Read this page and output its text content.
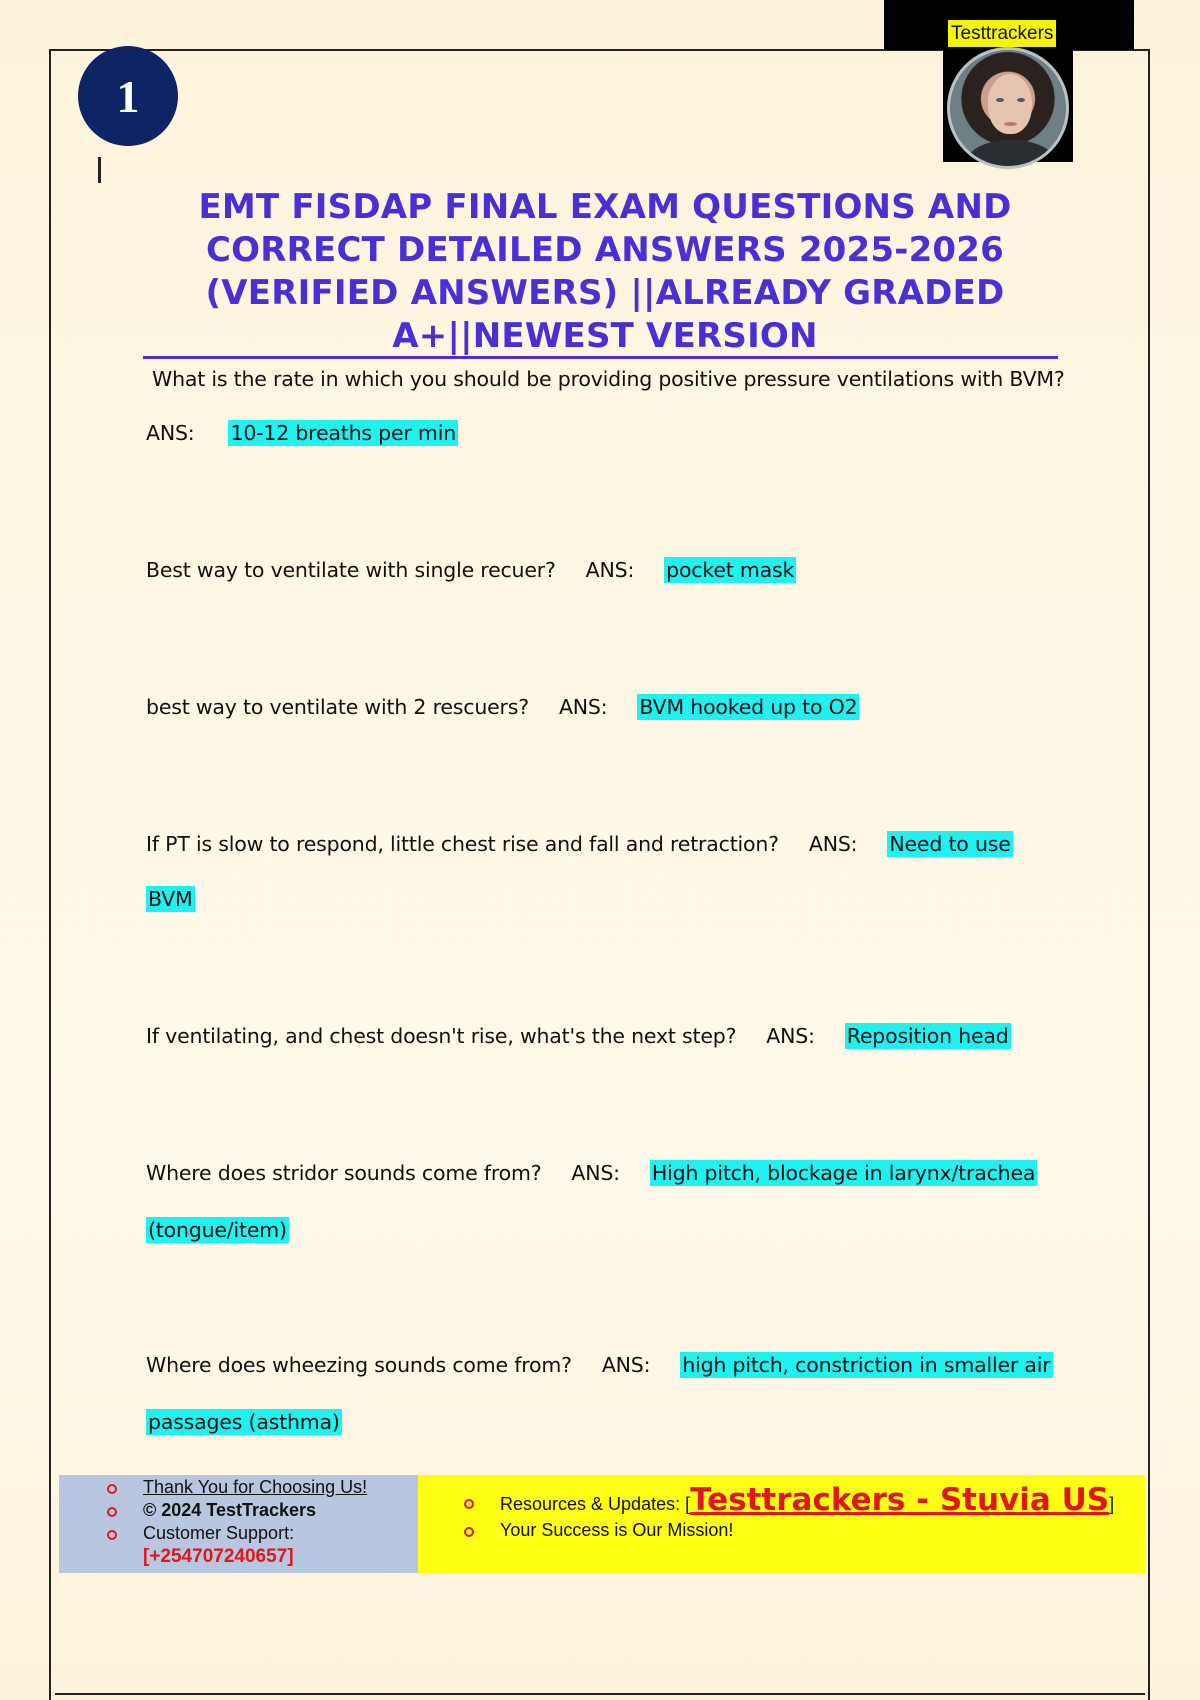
Testtrackers
1
EMT FISDAP FINAL EXAM QUESTIONS AND
CORRECT DETAILED ANSWERS 2025-2026
(VERIFIED ANSWERS) ||ALREADY GRADED
A+||NEWEST VERSION
What is the rate in which you should be providing positive pressure ventilations with BVM?
ANS: 10-12 breaths per min
Best way to ventilate with single recuer? ANS: pocket mask
best way to ventilate with 2 rescuers? ANS: BVM hooked up to O2
If PT is slow to respond, little chest rise and fall and retraction? ANS: Need to use
BVM
If ventilating, and chest doesn't rise, what's the next step? ANS: Reposition head
Where does stridor sounds come from? ANS: High pitch, blockage in larynx/trachea
(tongue/item)
Where does wheezing sounds come from? ANS: high pitch, constriction in smaller air
passages (asthma)
Thank You for Choosing Us!
© 2024 TestTrackers
Customer Support:
[+254707240657]
Resources & Updates: [Testtrackers - Stuvia US]
Your Success is Our Mission!
